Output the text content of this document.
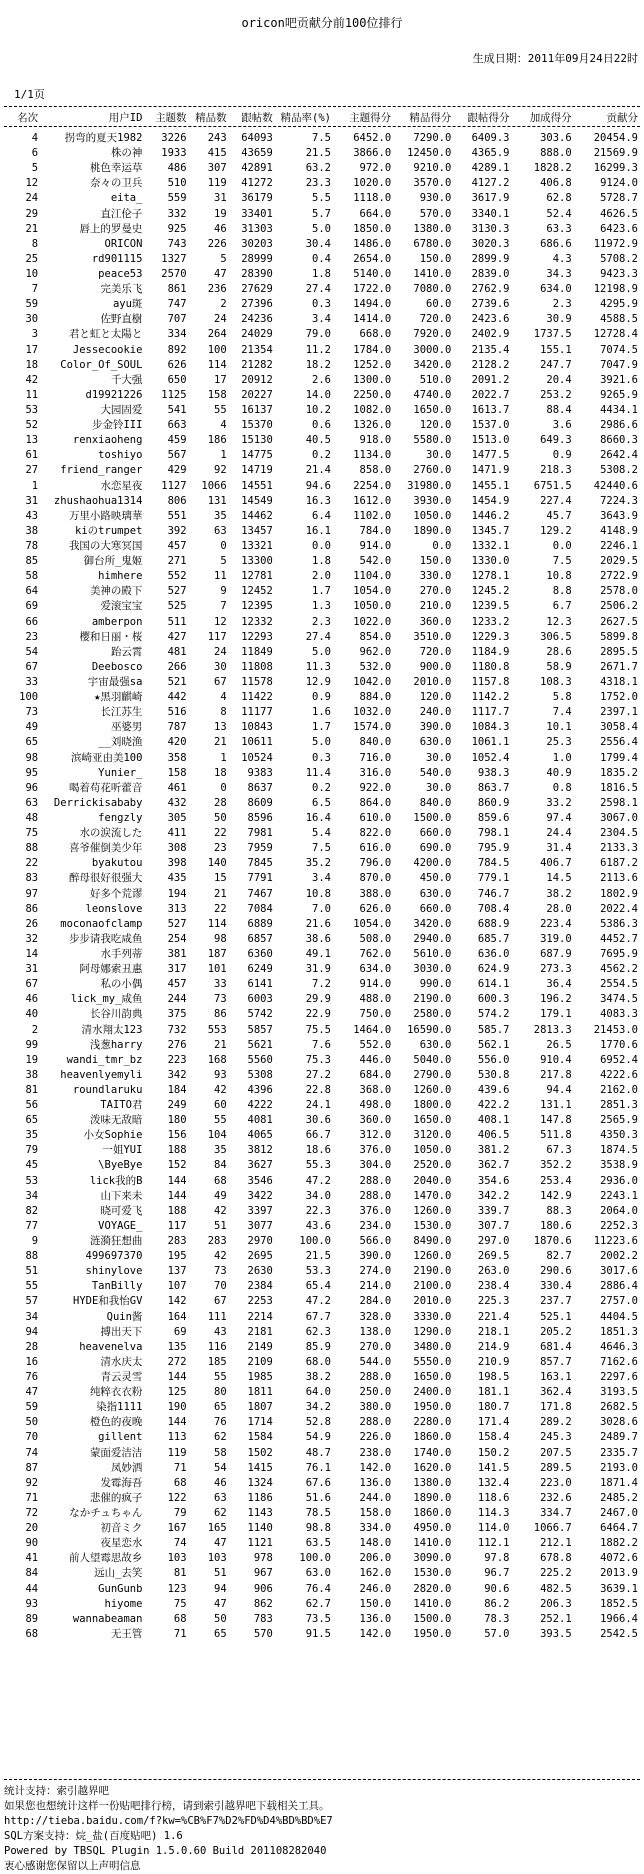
oricon吧贡献分前100位排行
生成日期：2011年09月24日22时
1/1页
名次	用户ID	主题数	精品数	跟帖数	精品率(%)	主题得分	精品得分	跟帖得分	加成得分	贡献分
4	拐弯的夏天1982	3226	243	64093	7.5	6452.0	7290.0	6409.3	303.6	20454.9
6	株の神	1933	415	43659	21.5	3866.0	12450.0	4365.9	888.0	21569.9
5	桃色幸运草	486	307	42891	63.2	972.0	9210.0	4289.1	1828.2	16299.3
12	奈々の卫兵	510	119	41272	23.3	1020.0	3570.0	4127.2	406.8	9124.0
24	eita_	559	31	36179	5.5	1118.0	930.0	3617.9	62.8	5728.7
29	直江伦子	332	19	33401	5.7	664.0	570.0	3340.1	52.4	4626.5
21	唇上的罗曼史	925	46	31303	5.0	1850.0	1380.0	3130.3	63.3	6423.6
8	ORICON	743	226	30203	30.4	1486.0	6780.0	3020.3	686.6	11972.9
25	rd901115	1327	5	28999	0.4	2654.0	150.0	2899.9	4.3	5708.2
10	peace53	2570	47	28390	1.8	5140.0	1410.0	2839.0	34.3	9423.3
7	完美乐飞	861	236	27629	27.4	1722.0	7080.0	2762.9	634.0	12198.9
59	ayu斑	747	2	27396	0.3	1494.0	60.0	2739.6	2.3	4295.9
30	佐野直樹	707	24	24236	3.4	1414.0	720.0	2423.6	30.9	4588.5
3	君と虹と太陽と	334	264	24029	79.0	668.0	7920.0	2402.9	1737.5	12728.4
17	Jessecookie	892	100	21354	11.2	1784.0	3000.0	2135.4	155.1	7074.5
18	Color_Of_SOUL	626	114	21282	18.2	1252.0	3420.0	2128.2	247.7	7047.9
42	千大强	650	17	20912	2.6	1300.0	510.0	2091.2	20.4	3921.6
11	d19921226	1125	158	20227	14.0	2250.0	4740.0	2022.7	253.2	9265.9
53	大园固爱	541	55	16137	10.2	1082.0	1650.0	1613.7	88.4	4434.1
52	步金铃III	663	4	15370	0.6	1326.0	120.0	1537.0	3.6	2986.6
13	renxiaoheng	459	186	15130	40.5	918.0	5580.0	1513.0	649.3	8660.3
61	toshiyo	567	1	14775	0.2	1134.0	30.0	1477.5	0.9	2642.4
27	friend_ranger	429	92	14719	21.4	858.0	2760.0	1471.9	218.3	5308.2
1	水恋星夜	1127	1066	14551	94.6	2254.0	31980.0	1455.1	6751.5	42440.6
31	zhushaohua1314	806	131	14549	16.3	1612.0	3930.0	1454.9	227.4	7224.3
43	万里小路映璃華	551	35	14462	6.4	1102.0	1050.0	1446.2	45.7	3643.9
38	kiのtrumpet	392	63	13457	16.1	784.0	1890.0	1345.7	129.2	4148.9
78	我国の大寒冥国	457	0	13321	0.0	914.0	0.0	1332.1	0.0	2246.1
85	御台所_鬼姬	271	5	13300	1.8	542.0	150.0	1330.0	7.5	2029.5
58	himhere	552	11	12781	2.0	1104.0	330.0	1278.1	10.8	2722.9
64	美神の殿下	527	9	12452	1.7	1054.0	270.0	1245.2	8.8	2578.0
69	爱滚宝宝	525	7	12395	1.3	1050.0	210.0	1239.5	6.7	2506.2
66	amberpon	511	12	12332	2.3	1022.0	360.0	1233.2	12.3	2627.5
23	樱和日丽・桜	427	117	12293	27.4	854.0	3510.0	1229.3	306.5	5899.8
54	跆云霄	481	24	11849	5.0	962.0	720.0	1184.9	28.6	2895.5
67	Deebosco	266	30	11808	11.3	532.0	900.0	1180.8	58.9	2671.7
33	宇宙最强sa	521	67	11578	12.9	1042.0	2010.0	1157.8	108.3	4318.1
100	★黑羽麒崎	442	4	11422	0.9	884.0	120.0	1142.2	5.8	1752.0
73	长江苏生	516	8	11177	1.6	1032.0	240.0	1117.7	7.4	2397.1
49	巫婆男	787	13	10843	1.7	1574.0	390.0	1084.3	10.1	3058.4
65	__刘晓渔	420	21	10611	5.0	840.0	630.0	1061.1	25.3	2556.4
98	滨崎亚由美100	358	1	10524	0.3	716.0	30.0	1052.4	1.0	1799.4
95	Yunier_	158	18	9383	11.4	316.0	540.0	938.3	40.9	1835.2
96	喝着苟花听藿音	461	0	8637	0.2	922.0	30.0	863.7	0.8	1816.5
63	Derrickisababy	432	28	8609	6.5	864.0	840.0	860.9	33.2	2598.1
48	fengzly	305	50	8596	16.4	610.0	1500.0	859.6	97.4	3067.0
75	水の涙流した	411	22	7981	5.4	822.0	660.0	798.1	24.4	2304.5
88	喜爷催倒美少年	308	23	7959	7.5	616.0	690.0	795.9	31.4	2133.3
22	byakutou	398	140	7845	35.2	796.0	4200.0	784.5	406.7	6187.2
83	醉母很好很强大	435	15	7791	3.4	870.0	450.0	779.1	14.5	2113.6
97	好多个荒谬	194	21	7467	10.8	388.0	630.0	746.7	38.2	1802.9
86	leonslove	313	22	7084	7.0	626.0	660.0	708.4	28.0	2022.4
26	moconaofclamp	527	114	6889	21.6	1054.0	3420.0	688.9	223.4	5386.3
32	步步请我吃咸鱼	254	98	6857	38.6	508.0	2940.0	685.7	319.0	4452.7
14	水手列蒂	381	187	6360	49.1	762.0	5610.0	636.0	687.9	7695.9
31	阿母娜索丑惠	317	101	6249	31.9	634.0	3030.0	624.9	273.3	4562.2
67	私の小偶	457	33	6141	7.2	914.0	990.0	614.1	36.4	2554.5
46	lick_my_咸鱼	244	73	6003	29.9	488.0	2190.0	600.3	196.2	3474.5
40	长谷川韵典	375	86	5742	22.9	750.0	2580.0	574.2	179.1	4083.3
2	清水翔太123	732	553	5857	75.5	1464.0	16590.0	585.7	2813.3	21453.0
99	浅葱harry	276	21	5621	7.6	552.0	630.0	562.1	26.5	1770.6
19	wandi_tmr_bz	223	168	5560	75.3	446.0	5040.0	556.0	910.4	6952.4
38	heavenlyemyli	342	93	5308	27.2	684.0	2790.0	530.8	217.8	4222.6
81	roundlaruku	184	42	4396	22.8	368.0	1260.0	439.6	94.4	2162.0
56	TAITO君	249	60	4222	24.1	498.0	1800.0	422.2	131.1	2851.3
65	泼味无敌暗	180	55	4081	30.6	360.0	1650.0	408.1	147.8	2565.9
35	小女Sophie	156	104	4065	66.7	312.0	3120.0	406.5	511.8	4350.3
79	一姐YUI	188	35	3812	18.6	376.0	1050.0	381.2	67.3	1874.5
45	\ByeBye	152	84	3627	55.3	304.0	2520.0	362.7	352.2	3538.9
53	lick我的B	144	68	3546	47.2	288.0	2040.0	354.6	253.4	2936.0
34	山下来未	144	49	3422	34.0	288.0	1470.0	342.2	142.9	2243.1
82	晓可爱飞	188	42	3397	22.3	376.0	1260.0	339.7	88.3	2064.0
77	VOYAGE_	117	51	3077	43.6	234.0	1530.0	307.7	180.6	2252.3
9	涟漪狂想曲	283	283	2970	100.0	566.0	8490.0	297.0	1870.6	11223.6
88	499697370	195	42	2695	21.5	390.0	1260.0	269.5	82.7	2002.2
51	shinylove	137	73	2630	53.3	274.0	2190.0	263.0	290.6	3017.6
55	TanBilly	107	70	2384	65.4	214.0	2100.0	238.4	330.4	2886.4
57	HYDE和我怡GV	142	67	2253	47.2	284.0	2010.0	225.3	237.7	2757.0
34	Quin酱	164	111	2214	67.7	328.0	3330.0	221.4	525.1	4404.5
94	搏出天下	69	43	2181	62.3	138.0	1290.0	218.1	205.2	1851.3
28	heavenelva	135	116	2149	85.9	270.0	3480.0	214.9	681.4	4646.3
16	清水庆太	272	185	2109	68.0	544.0	5550.0	210.9	857.7	7162.6
76	青云灵雪	144	55	1985	38.2	288.0	1650.0	198.5	163.1	2297.6
47	纯粹衣衣粉	125	80	1811	64.0	250.0	2400.0	181.1	362.4	3193.5
59	染指1111	190	65	1807	34.2	380.0	1950.0	180.7	171.8	2682.5
50	橙色的夜晚	144	76	1714	52.8	288.0	2280.0	171.4	289.2	3028.6
70	gillent	113	62	1584	54.9	226.0	1860.0	158.4	245.3	2489.7
74	蒙面爱洁洁	119	58	1502	48.7	238.0	1740.0	150.2	207.5	2335.7
87	凤妙洒	71	54	1415	76.1	142.0	1620.0	141.5	289.5	2193.0
92	发霉海吾	68	46	1324	67.6	136.0	1380.0	132.4	223.0	1871.4
71	悲催的疯子	122	63	1186	51.6	244.0	1890.0	118.6	232.6	2485.2
72	なかチュちゃん	79	62	1143	78.5	158.0	1860.0	114.3	334.7	2467.0
20	初音ミク	167	165	1140	98.8	334.0	4950.0	114.0	1066.7	6464.7
90	夜星恋水	74	47	1121	63.5	148.0	1410.0	112.1	212.1	1882.2
41	前人望霉思故乡	103	103	978	100.0	206.0	3090.0	97.8	678.8	4072.6
84	远山_去笑	81	51	967	63.0	162.0	1530.0	96.7	225.2	2013.9
44	GunGunb	123	94	906	76.4	246.0	2820.0	90.6	482.5	3639.1
93	hiyome	75	47	862	62.7	150.0	1410.0	86.2	206.3	1852.5
89	wannabeaman	68	50	783	73.5	136.0	1500.0	78.3	252.1	1966.4
68	无王管	71	65	570	91.5	142.0	1950.0	57.0	393.5	2542.5
统计支持：索引越界吧
如果您也想统计这样一份贴吧排行榜，请到索引越界吧下载相关工具。
http://tieba.baidu.com/f?kw=%CB%F7%D2%FD%D4%BD%BD%E7
SQL方案支持：烷_盐(百度贴吧) 1.6
Powered by TBSQL Plugin 1.5.0.60 Build 201108282040
衷心感谢您保留以上声明信息
